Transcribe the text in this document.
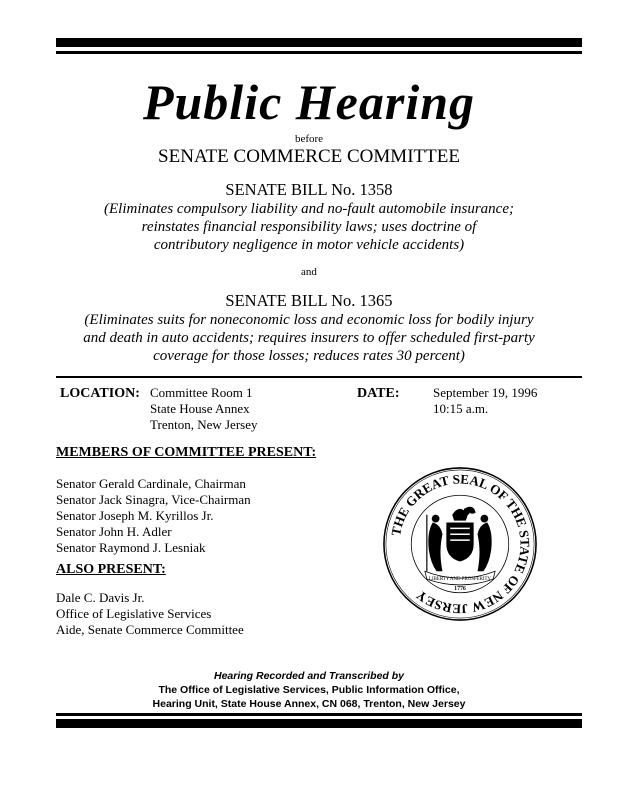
Public Hearing
before
SENATE COMMERCE COMMITTEE
SENATE BILL No. 1358
(Eliminates compulsory liability and no-fault automobile insurance;
reinstates financial responsibility laws; uses doctrine of
contributory negligence in motor vehicle accidents)
and
SENATE BILL No. 1365
(Eliminates suits for noneconomic loss and economic loss for bodily injury
and death in auto accidents; requires insurers to offer scheduled first-party
coverage for those losses; reduces rates 30 percent)
LOCATION: Committee Room 1
State House Annex
Trenton, New Jersey
DATE:	September 19, 1996
10:15 a.m.
MEMBERS OF COMMITTEE PRESENT:
Senator Gerald Cardinale, Chairman
Senator Jack Sinagra, Vice-Chairman
Senator Joseph M. Kyrillos Jr.
Senator John H. Adler
Senator Raymond J. Lesniak
ALSO PRESENT:
Dale C. Davis Jr.
Office of Legislative Services
Aide, Senate Commerce Committee
THE GREAT SEAL OF THE STATE OF NEW JERSEY
LIBERTY AND PROSPERITY
1776
Hearing Recorded and Transcribed by
The Office of Legislative Services, Public Information Office,
Hearing Unit, State House Annex, CN 068, Trenton, New Jersey
